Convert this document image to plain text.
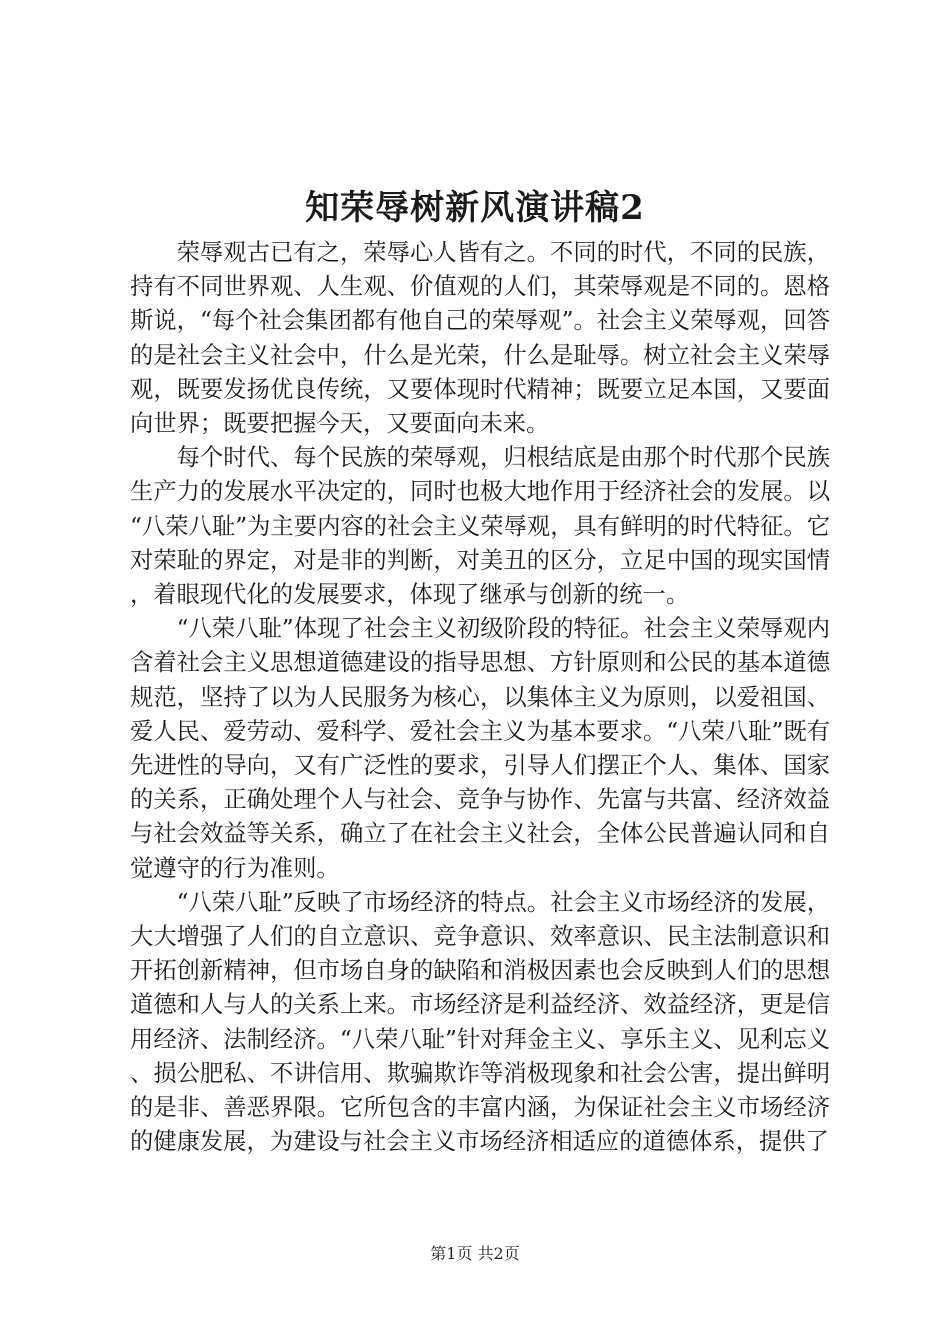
知荣辱树新风演讲稿2

荣辱观古已有之，荣辱心人皆有之。不同的时代，不同的民族，持有不同世界观、人生观、价值观的人们，其荣辱观是不同的。恩格斯说，“每个社会集团都有他自己的荣辱观”。社会主义荣辱观，回答的是社会主义社会中，什么是光荣，什么是耻辱。树立社会主义荣辱观，既要发扬优良传统，又要体现时代精神；既要立足本国，又要面向世界；既要把握今天，又要面向未来。

每个时代、每个民族的荣辱观，归根结底是由那个时代那个民族生产力的发展水平决定的，同时也极大地作用于经济社会的发展。以“八荣八耻”为主要内容的社会主义荣辱观，具有鲜明的时代特征。它对荣耻的界定，对是非的判断，对美丑的区分，立足中国的现实国情，着眼现代化的发展要求，体现了继承与创新的统一。

“八荣八耻”体现了社会主义初级阶段的特征。社会主义荣辱观内含着社会主义思想道德建设的指导思想、方针原则和公民的基本道德规范，坚持了以为人民服务为核心，以集体主义为原则，以爱祖国、爱人民、爱劳动、爱科学、爱社会主义为基本要求。“八荣八耻”既有先进性的导向，又有广泛性的要求，引导人们摆正个人、集体、国家的关系，正确处理个人与社会、竞争与协作、先富与共富、经济效益与社会效益等关系，确立了在社会主义社会，全体公民普遍认同和自觉遵守的行为准则。

“八荣八耻”反映了市场经济的特点。社会主义市场经济的发展，大大增强了人们的自立意识、竞争意识、效率意识、民主法制意识和开拓创新精神，但市场自身的缺陷和消极因素也会反映到人们的思想道德和人与人的关系上来。市场经济是利益经济、效益经济，更是信用经济、法制经济。“八荣八耻”针对拜金主义、享乐主义、见利忘义、损公肥私、不讲信用、欺骗欺诈等消极现象和社会公害，提出鲜明的是非、善恶界限。它所包含的丰富内涵，为保证社会主义市场经济的健康发展，为建设与社会主义市场经济相适应的道德体系，提供了

第1页 共2页
